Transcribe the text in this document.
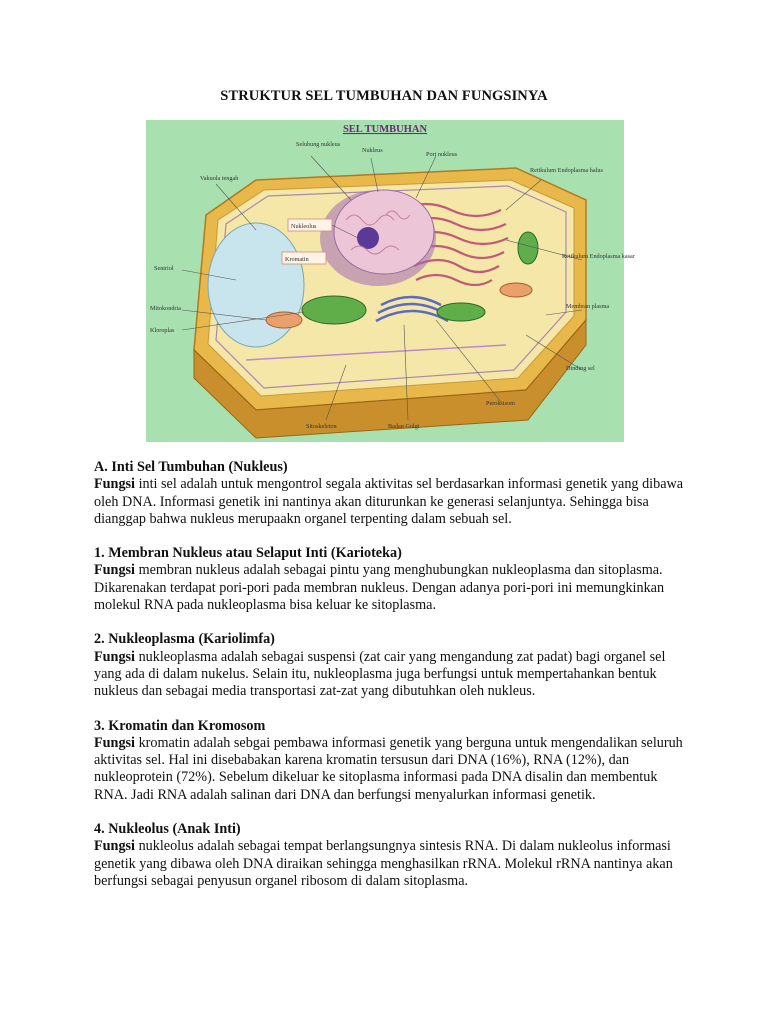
STRUKTUR SEL TUMBUHAN DAN FUNGSINYA
SEL TUMBUHAN
Selubung nukleus
Nukleus
Pori nukleus
Vakuola tengah
Retikulum Endoplasma halus
Nukleolus
Kromatin	Retikulum Endoplasma kasar
Sentriol
Mitokondria	Membran plasma
Kloroplas
Dinding sel
Peroksisom
Sitoskeleton	Badan Golgi
A. Inti Sel Tumbuhan (Nukleus)

Fungsi inti sel adalah untuk mengontrol segala aktivitas sel berdasarkan informasi genetik yang dibawa oleh DNA. Informasi genetik ini nantinya akan diturunkan ke generasi selanjuntya. Sehingga bisa dianggap bahwa nukleus merupaakn organel terpenting dalam sebuah sel.

1. Membran Nukleus atau Selaput Inti (Karioteka)

Fungsi membran nukleus adalah sebagai pintu yang menghubungkan nukleoplasma dan sitoplasma. Dikarenakan terdapat pori-pori pada membran nukleus. Dengan adanya pori-pori ini memungkinkan molekul RNA pada nukleoplasma bisa keluar ke sitoplasma.

2. Nukleoplasma (Kariolimfa)

Fungsi nukleoplasma adalah sebagai suspensi (zat cair yang mengandung zat padat) bagi organel sel yang ada di dalam nukelus. Selain itu, nukleoplasma juga berfungsi untuk mempertahankan bentuk nukleus dan sebagai media transportasi zat-zat yang dibutuhkan oleh nukleus.

3. Kromatin dan Kromosom

Fungsi kromatin adalah sebgai pembawa informasi genetik yang berguna untuk mengendalikan seluruh aktivitas sel. Hal ini disebabakan karena kromatin tersusun dari DNA (16%), RNA (12%), dan nukleoprotein (72%). Sebelum dikeluar ke sitoplasma informasi pada DNA disalin dan membentuk RNA. Jadi RNA adalah salinan dari DNA dan berfungsi menyalurkan informasi genetik.

4. Nukleolus (Anak Inti)

Fungsi nukleolus adalah sebagai tempat berlangsungnya sintesis RNA. Di dalam nukleolus informasi genetik yang dibawa oleh DNA diraikan sehingga menghasilkan rRNA. Molekul rRNA nantinya akan berfungsi sebagai penyusun organel ribosom di dalam sitoplasma.
